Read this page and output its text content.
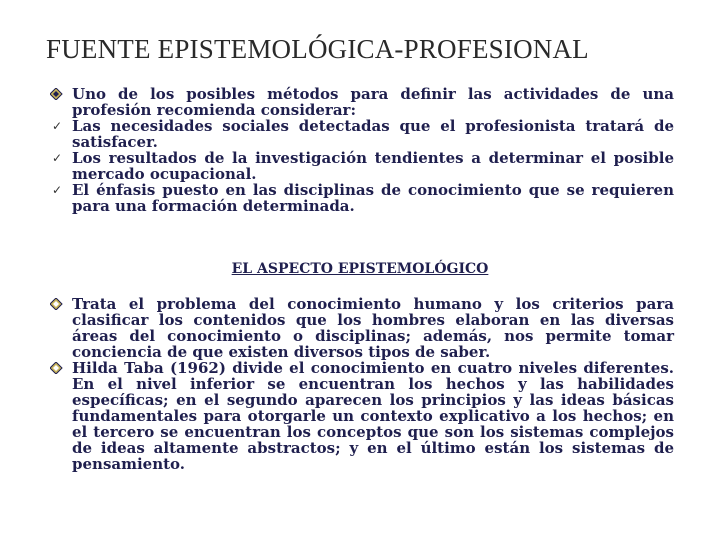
FUENTE EPISTEMOLÓGICA-PROFESIONAL

Uno de los posibles métodos para definir las actividades de una profesión recomienda considerar:

✓ Las necesidades sociales detectadas que el profesionista tratará de satisfacer.

✓ Los resultados de la investigación tendientes a determinar el posible mercado ocupacional.

✓ El énfasis puesto en las disciplinas de conocimiento que se requieren para una formación determinada.

EL ASPECTO EPISTEMOLÓGICO

Trata el problema del conocimiento humano y los criterios para clasificar los contenidos que los hombres elaboran en las diversas áreas del conocimiento o disciplinas; además, nos permite tomar conciencia de que existen diversos tipos de saber.

Hilda Taba (1962) divide el conocimiento en cuatro niveles diferentes. En el nivel inferior se encuentran los hechos y las habilidades específicas; en el segundo aparecen los principios y las ideas básicas fundamentales para otorgarle un contexto explicativo a los hechos; en el tercero se encuentran los conceptos que son los sistemas complejos de ideas altamente abstractos; y en el último están los sistemas de pensamiento.
